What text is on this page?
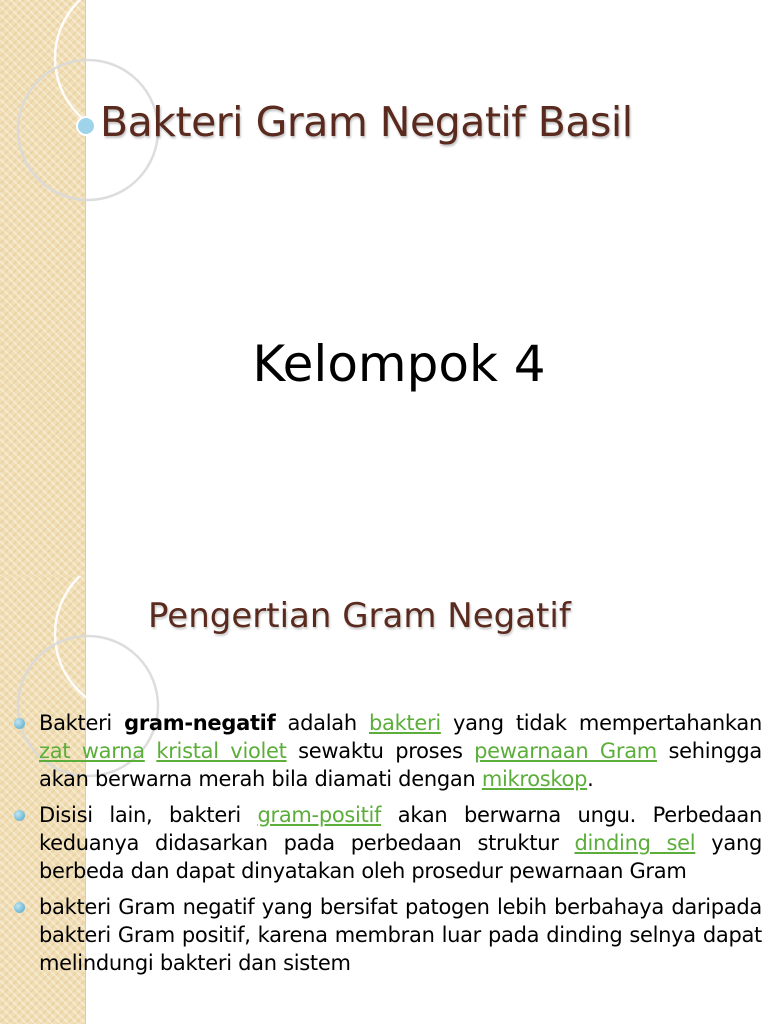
Bakteri Gram Negatif Basil
Kelompok 4
Pengertian Gram Negatif
Bakteri gram-negatif adalah bakteri yang tidak mempertahankan zat warna kristal violet sewaktu proses pewarnaan Gram sehingga akan berwarna merah bila diamati dengan mikroskop.
Disisi lain, bakteri gram-positif akan berwarna ungu. Perbedaan keduanya didasarkan pada perbedaan struktur dinding sel yang berbeda dan dapat dinyatakan oleh prosedur pewarnaan Gram
bakteri Gram negatif yang bersifat patogen lebih berbahaya daripada bakteri Gram positif, karena membran luar pada dinding selnya dapat melindungi bakteri dan sistem
